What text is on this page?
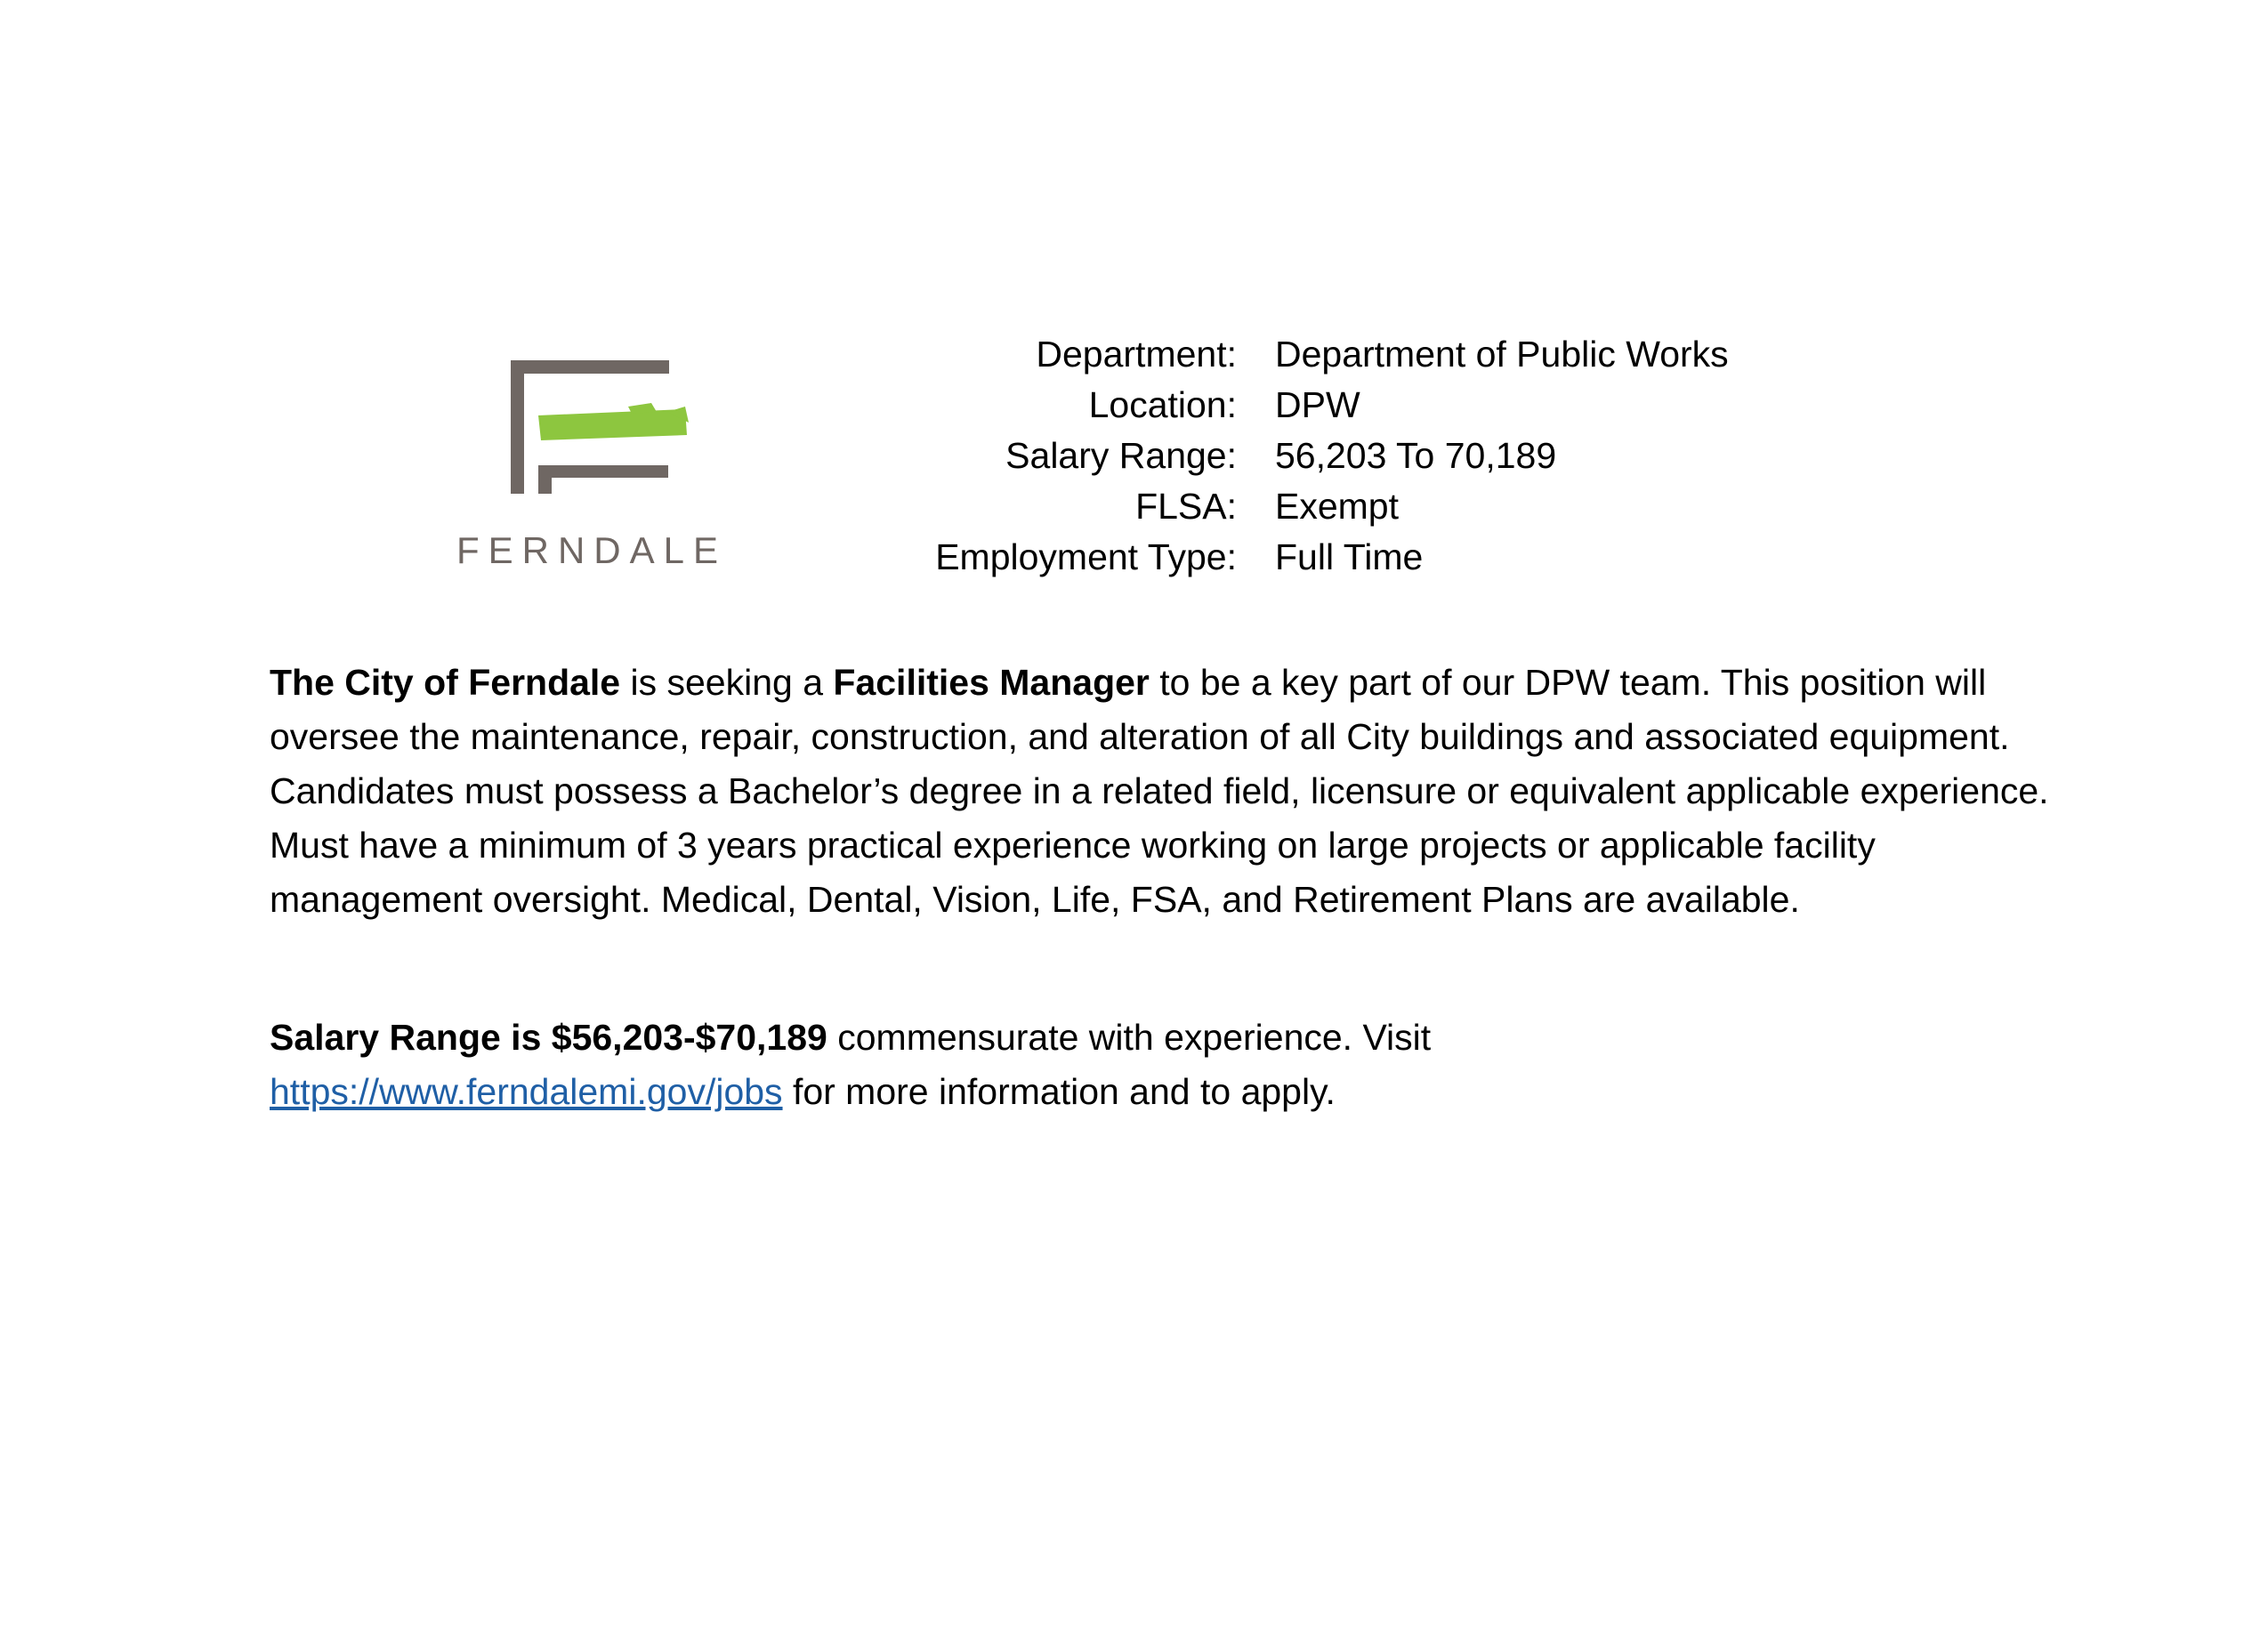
FERNDALE
Department:	Department of Public Works
Location:	DPW
Salary Range:	56,203 To 70,189
FLSA:	Exempt
Employment Type:	Full Time

The City of Ferndale is seeking a Facilities Manager to be a key part of our DPW team. This position will oversee the maintenance, repair, construction, and alteration of all City buildings and associated equipment. Candidates must possess a Bachelor’s degree in a related field, licensure or equivalent applicable experience. Must have a minimum of 3 years practical experience working on large projects or applicable facility management oversight. Medical, Dental, Vision, Life, FSA, and Retirement Plans are available.

Salary Range is $56,203-$70,189 commensurate with experience. Visit
https://www.ferndalemi.gov/jobs for more information and to apply.
